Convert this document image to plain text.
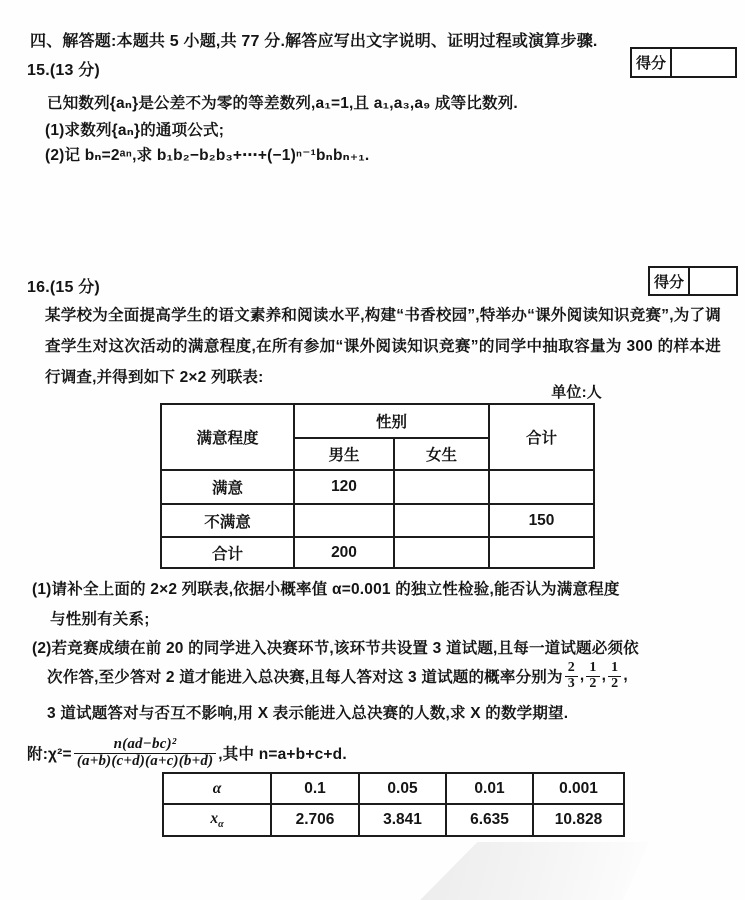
四、解答题:本题共 5 小题,共 77 分.解答应写出文字说明、证明过程或演算步骤.
15.(13 分)	得分
已知数列{aₙ}是公差不为零的等差数列,a₁=1,且 a₁,a₃,a₉ 成等比数列.
(1)求数列{aₙ}的通项公式;
(2)记 bₙ=2ᵃⁿ,求 b₁b₂−b₂b₃+⋯+(−1)ⁿ⁻¹bₙbₙ₊₁.
16.(15 分)	得分
某学校为全面提高学生的语文素养和阅读水平,构建“书香校园”,特举办“课外阅读知识竞赛”,为了调查学生对这次活动的满意程度,在所有参加“课外阅读知识竞赛”的同学中抽取容量为 300 的样本进行调查,并得到如下 2×2 列联表:
单位:人
满意程度	性别		合计
	男生	女生	
满意	120		
不满意			150
合计	200		
(1)请补全上面的 2×2 列联表,依据小概率值 α=0.001 的独立性检验,能否认为满意程度
与性别有关系;
(2)若竞赛成绩在前 20 的同学进入决赛环节,该环节共设置 3 道试题,且每一道试题必须依
次作答,至少答对 2 道才能进入总决赛,且每人答对这 3 道试题的概率分别为 $\frac{2}{3}$ , $\frac{1}{2}$ , $\frac{1}{2}$ ,
3 道试题答对与否互不影响,用 X 表示能进入总决赛的人数,求 X 的数学期望.
附:χ²= $\frac{\text{n(ad−bc)²}}{(a+b)(c+d)(a+c)(b+d)}$ ,其中 n=a+b+c+d.
α	0.1	0.05	0.01	0.001
$x_\alpha$	2.706	3.841	6.635	10.828
